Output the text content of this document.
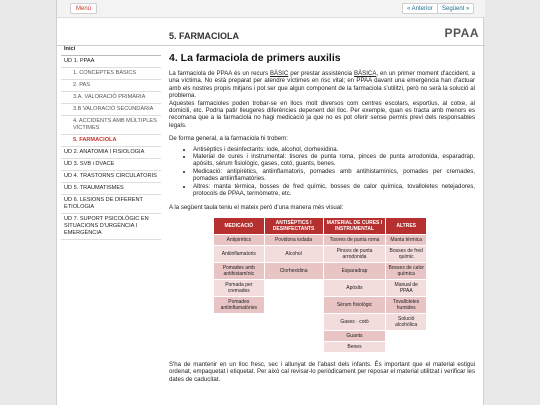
Menú	« Anterior	Següent »
5. FARMACIOLA	PPAA
Inici
UD 1. PPAA
1. CONCEPTES BÀSICS
2. PAS
3.A. VALORACIÓ PRIMÀRIA
3.B VALORACIÓ SECUNDÀRIA
4. ACCIDENTS AMB MÚLTIPLES VÍCTIMES
5. FARMACIOLA
UD 2. ANATOMIA I FISIOLOGIA
UD 3. SVB i DVACE
UD 4. TRASTORNS CIRCULATORIS
UD 5. TRAUMATISMES
UD 6. LESIONS DE DIFERENT ETIOLOGIA
UD 7. SUPORT PSICOLÒGIC EN SITUACIONS D'URGÈNCIA I EMERGÈNCIA
4. La farmaciola de primers auxilis

La farmaciola de PPAA és un recurs BÀSIC per prestar assistència BÀSICA, en un primer moment d'accident, a una víctima. No està preparat per atendre víctimes en risc vital; en PPAA davant una emergència han d'actuar amb els nostres propis mitjans i pot ser que algun component de la farmaciola s'utilitzi, però no serà la solució al problema.
Aquestes farmacioles poden trobar-se en llocs molt diversos com centres escolars, esportius, al cotxe, al domicili, etc. Podria patir lleugeres diferències depenent del lloc. Per exemple, quan es tracta amb menors es recomana que a la farmaciola no hagi medicació ja que no es pot oferir sense permís previ dels responsables legals.

De forma general, a la farmaciola hi trobem:

• Antisèptics i desinfectants: iode, alcohol, clorhexidina.
• Material de cures i instrumental: tisores de punta roma, pinces de punta arrodonida, esparadrap, apòsits, sèrum fisiològic, gases, cotó, guants, benes.
• Medicació: antipirètics, antiinflamatoris, pomades amb antihistamínics, pomades per cremades, pomades antiinflamatòries.
• Altres: manta tèrmica, bosses de fred químic, bosses de calor química, tovalloletes netejadores, protocols de PPAA, termòmetre, etc.

A la següent taula teniu el mateix però d'una manera més visual:

MEDICACIÓ	ANTISÈPTICS I DESINFECTANTS	MATERIAL DE CURES I INSTRUMENTAL	ALTRES
Antipirètics	Povidona iodada	Tisores de punta roma	Manta tèrmica
Antiinflamatoris	Alcohol	Pinces de punta arrodonida	Bosses de fred químic
Pomades amb antihistamínic	Clorhexidina	Esparadrap	Bosses de calor química
Pomada per cremades		Apòsits	Manual de PPAA
Pomades antiinflamatòries		Sèrum fisiològic	Tovalloletes humides
		Gases · cotó	Solució alcohòlica
		Guants	
		Benes	

S'ha de mantenir en un lloc fresc, sec i allunyat de l'abast dels infants. És important que el material estigui ordenat, empaquetat i etiquetat. Per això cal revisar-lo periòdicament per reposar el material utilitzat i verificar les dates de caducitat.
